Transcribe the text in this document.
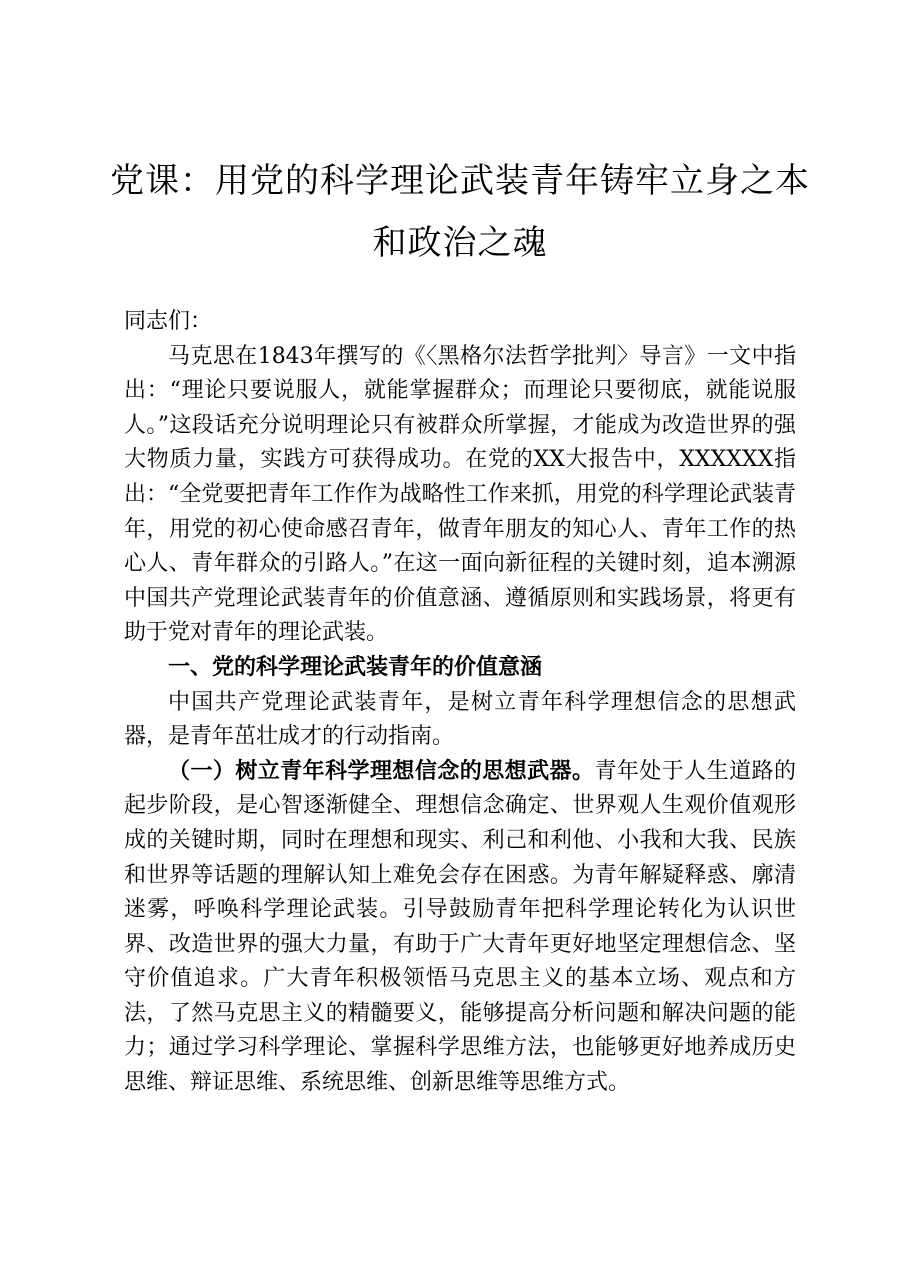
党课：用党的科学理论武装青年铸牢立身之本和政治之魂

同志们：

马克思在1843年撰写的《〈黑格尔法哲学批判〉导言》一文中指出：“理论只要说服人，就能掌握群众；而理论只要彻底，就能说服人。”这段话充分说明理论只有被群众所掌握，才能成为改造世界的强大物质力量，实践方可获得成功。在党的XX大报告中，XXXXXX指出：“全党要把青年工作作为战略性工作来抓，用党的科学理论武装青年，用党的初心使命感召青年，做青年朋友的知心人、青年工作的热心人、青年群众的引路人。”在这一面向新征程的关键时刻，追本溯源中国共产党理论武装青年的价值意涵、遵循原则和实践场景，将更有助于党对青年的理论武装。

一、党的科学理论武装青年的价值意涵

中国共产党理论武装青年，是树立青年科学理想信念的思想武器，是青年茁壮成才的行动指南。

（一）树立青年科学理想信念的思想武器。青年处于人生道路的起步阶段，是心智逐渐健全、理想信念确定、世界观人生观价值观形成的关键时期，同时在理想和现实、利己和利他、小我和大我、民族和世界等话题的理解认知上难免会存在困惑。为青年解疑释惑、廓清迷雾，呼唤科学理论武装。引导鼓励青年把科学理论转化为认识世界、改造世界的强大力量，有助于广大青年更好地坚定理想信念、坚守价值追求。广大青年积极领悟马克思主义的基本立场、观点和方法，了然马克思主义的精髓要义，能够提高分析问题和解决问题的能力；通过学习科学理论、掌握科学思维方法，也能够更好地养成历史思维、辩证思维、系统思维、创新思维等思维方式。
